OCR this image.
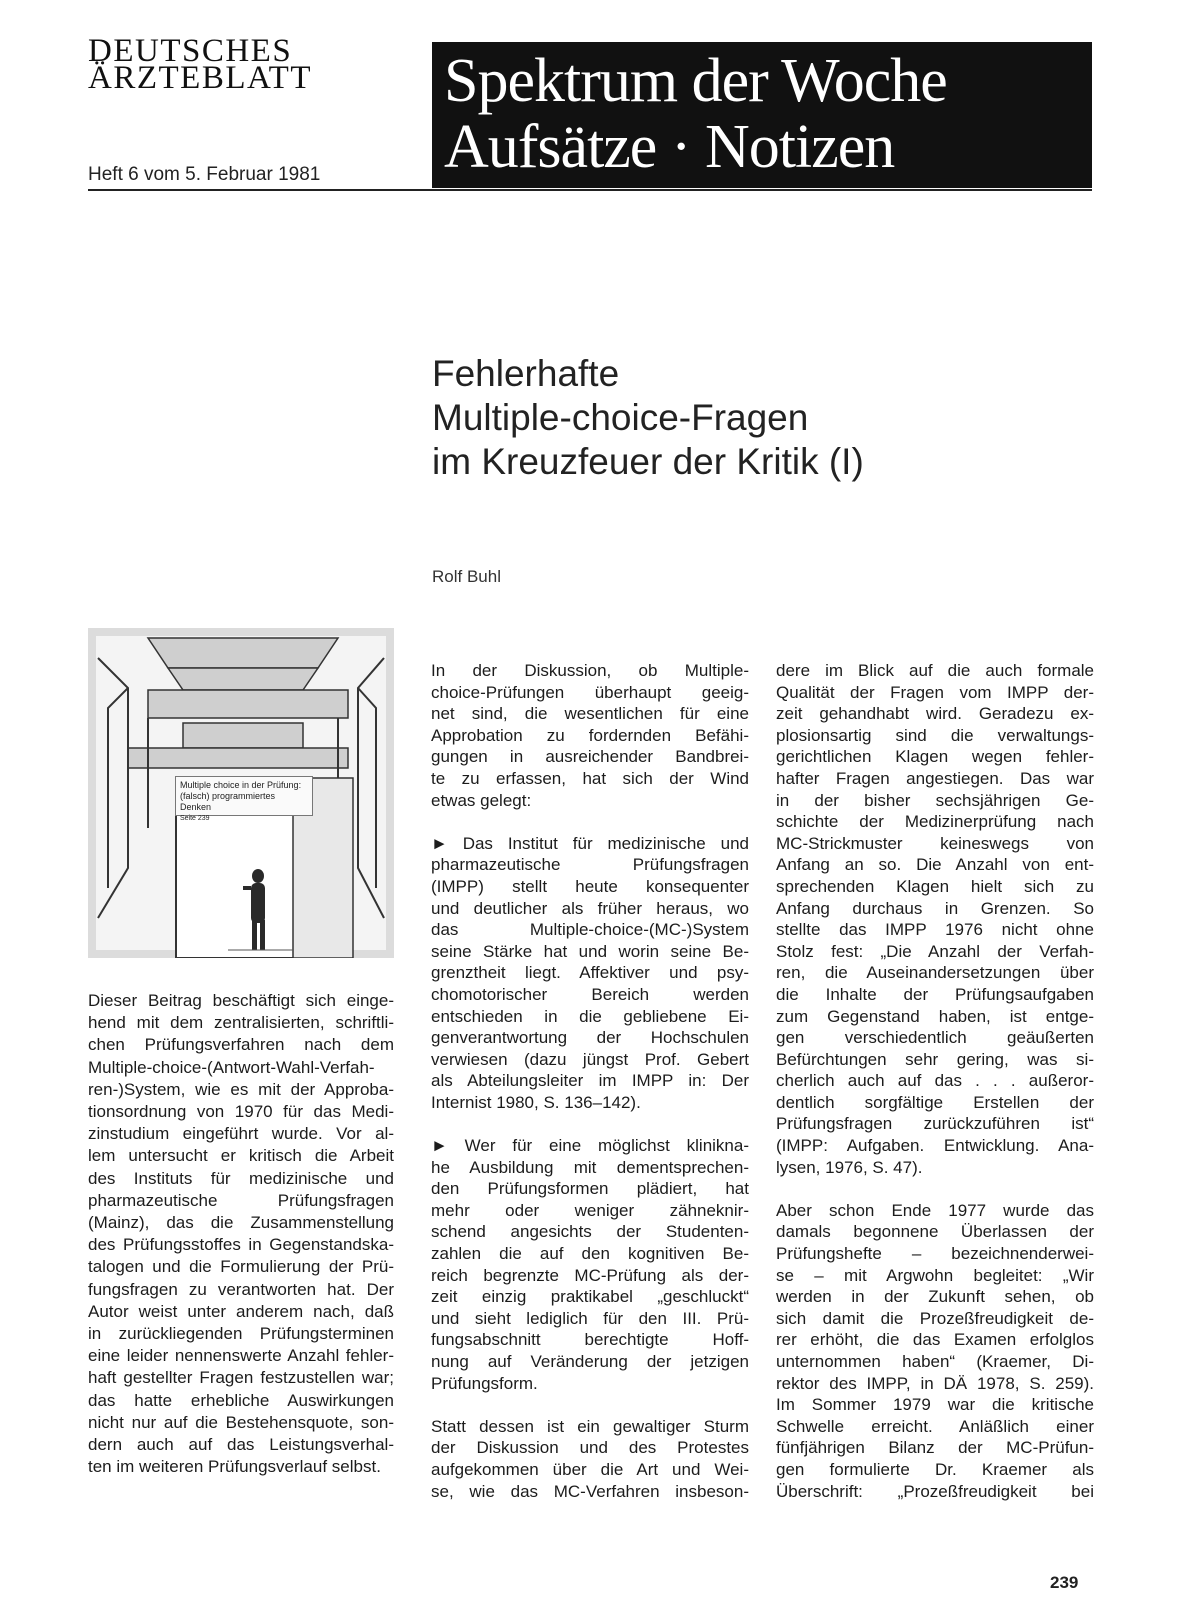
DEUTSCHES
ÄRZTEBLATT
Heft 6 vom 5. Februar 1981
Spektrum der Woche
Aufsätze · Notizen
Fehlerhafte
Multiple-choice-Fragen
im Kreuzfeuer der Kritik (I)
Rolf Buhl
Multiple choice in der Prüfung:
(falsch) programmiertes Denken
Seite 239
Dieser Beitrag beschäftigt sich einge-
hend mit dem zentralisierten, schriftli-
chen Prüfungsverfahren nach dem
Multiple-choice-(Antwort-Wahl-Verfah-
ren-)System, wie es mit der Approba-
tionsordnung von 1970 für das Medi-
zinstudium eingeführt wurde. Vor al-
lem untersucht er kritisch die Arbeit
des Instituts für medizinische und
pharmazeutische Prüfungsfragen
(Mainz), das die Zusammenstellung
des Prüfungsstoffes in Gegenstandska-
talogen und die Formulierung der Prü-
fungsfragen zu verantworten hat. Der
Autor weist unter anderem nach, daß
in zurückliegenden Prüfungsterminen
eine leider nennenswerte Anzahl fehler-
haft gestellter Fragen festzustellen war;
das hatte erhebliche Auswirkungen
nicht nur auf die Bestehensquote, son-
dern auch auf das Leistungsverhal-
ten im weiteren Prüfungsverlauf selbst.

In der Diskussion, ob Multiple-
choice-Prüfungen überhaupt geeig-
net sind, die wesentlichen für eine
Approbation zu fordernden Befähi-
gungen in ausreichender Bandbrei-
te zu erfassen, hat sich der Wind
etwas gelegt:

► Das Institut für medizinische und
pharmazeutische Prüfungsfragen
(IMPP) stellt heute konsequenter
und deutlicher als früher heraus, wo
das Multiple-choice-(MC-)System
seine Stärke hat und worin seine Be-
grenztheit liegt. Affektiver und psy-
chomotorischer Bereich werden
entschieden in die gebliebene Ei-
genverantwortung der Hochschulen
verwiesen (dazu jüngst Prof. Gebert
als Abteilungsleiter im IMPP in: Der
Internist 1980, S. 136–142).

► Wer für eine möglichst klinikna-
he Ausbildung mit dementsprechen-
den Prüfungsformen plädiert, hat
mehr oder weniger zähneknir-
schend angesichts der Studenten-
zahlen die auf den kognitiven Be-
reich begrenzte MC-Prüfung als der-
zeit einzig praktikabel „geschluckt“
und sieht lediglich für den III. Prü-
fungsabschnitt berechtigte Hoff-
nung auf Veränderung der jetzigen
Prüfungsform.

Statt dessen ist ein gewaltiger Sturm
der Diskussion und des Protestes
aufgekommen über die Art und Wei-
se, wie das MC-Verfahren insbeson-

dere im Blick auf die auch formale
Qualität der Fragen vom IMPP der-
zeit gehandhabt wird. Geradezu ex-
plosionsartig sind die verwaltungs-
gerichtlichen Klagen wegen fehler-
hafter Fragen angestiegen. Das war
in der bisher sechsjährigen Ge-
schichte der Medizinerprüfung nach
MC-Strickmuster keineswegs von
Anfang an so. Die Anzahl von ent-
sprechenden Klagen hielt sich zu
Anfang durchaus in Grenzen. So
stellte das IMPP 1976 nicht ohne
Stolz fest: „Die Anzahl der Verfah-
ren, die Auseinandersetzungen über
die Inhalte der Prüfungsaufgaben
zum Gegenstand haben, ist entge-
gen verschiedentlich geäußerten
Befürchtungen sehr gering, was si-
cherlich auch auf das . . . außeror-
dentlich sorgfältige Erstellen der
Prüfungsfragen zurückzuführen ist“
(IMPP: Aufgaben. Entwicklung. Ana-
lysen, 1976, S. 47).

Aber schon Ende 1977 wurde das
damals begonnene Überlassen der
Prüfungshefte – bezeichnenderwei-
se – mit Argwohn begleitet: „Wir
werden in der Zukunft sehen, ob
sich damit die Prozeßfreudigkeit de-
rer erhöht, die das Examen erfolglos
unternommen haben“ (Kraemer, Di-
rektor des IMPP, in DÄ 1978, S. 259).
Im Sommer 1979 war die kritische
Schwelle erreicht. Anläßlich einer
fünfjährigen Bilanz der MC-Prüfun-
gen formulierte Dr. Kraemer als
Überschrift: „Prozeßfreudigkeit bei

239
